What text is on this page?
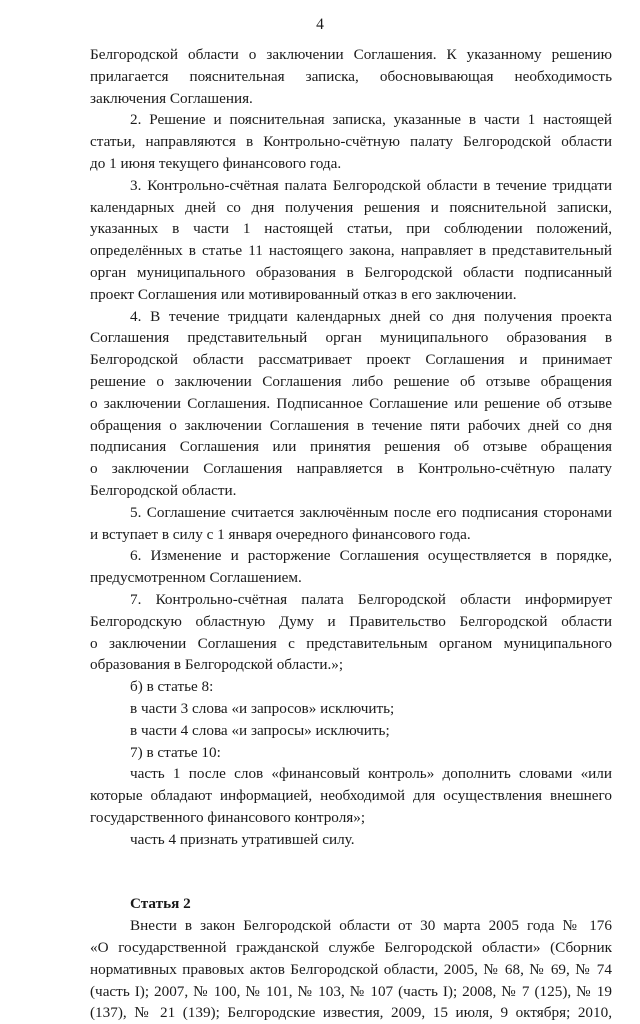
4
Белгородской области о заключении Соглашения. К указанному решению
прилагается пояснительная записка, обосновывающая необходимость
заключения Соглашения.
2. Решение и пояснительная записка, указанные в части 1 настоящей
статьи, направляются в Контрольно-счётную палату Белгородской области
до 1 июня текущего финансового года.
3. Контрольно-счётная палата Белгородской области в течение тридцати
календарных дней со дня получения решения и пояснительной записки,
указанных в части 1 настоящей статьи, при соблюдении положений,
определённых в статье 11 настоящего закона, направляет в представительный
орган муниципального образования в Белгородской области подписанный
проект Соглашения или мотивированный отказ в его заключении.
4. В течение тридцати календарных дней со дня получения проекта
Соглашения представительный орган муниципального образования в
Белгородской области рассматривает проект Соглашения и принимает
решение о заключении Соглашения либо решение об отзыве обращения
о заключении Соглашения. Подписанное Соглашение или решение об отзыве
обращения о заключении Соглашения в течение пяти рабочих дней со дня
подписания Соглашения или принятия решения об отзыве обращения
о заключении Соглашения направляется в Контрольно-счётную палату
Белгородской области.
5. Соглашение считается заключённым после его подписания сторонами
и вступает в силу с 1 января очередного финансового года.
6. Изменение и расторжение Соглашения осуществляется в порядке,
предусмотренном Соглашением.
7. Контрольно-счётная палата Белгородской области информирует
Белгородскую областную Думу и Правительство Белгородской области
о заключении Соглашения с представительным органом муниципального
образования в Белгородской области.»;
б) в статье 8:
в части 3 слова «и запросов» исключить;
в части 4 слова «и запросы» исключить;
7) в статье 10:
часть 1 после слов «финансовый контроль» дополнить словами «или
которые обладают информацией, необходимой для осуществления внешнего
государственного финансового контроля»;
часть 4 признать утратившей силу.
Статья 2
Внести в закон Белгородской области от 30 марта 2005 года № 176
«О государственной гражданской службе Белгородской области» (Сборник
нормативных правовых актов Белгородской области, 2005, № 68, № 69, № 74
(часть I); 2007, № 100, № 101, № 103, № 107 (часть I); 2008, № 7 (125), № 19
(137), № 21 (139); Белгородские известия, 2009, 15 июля, 9 октября; 2010,
